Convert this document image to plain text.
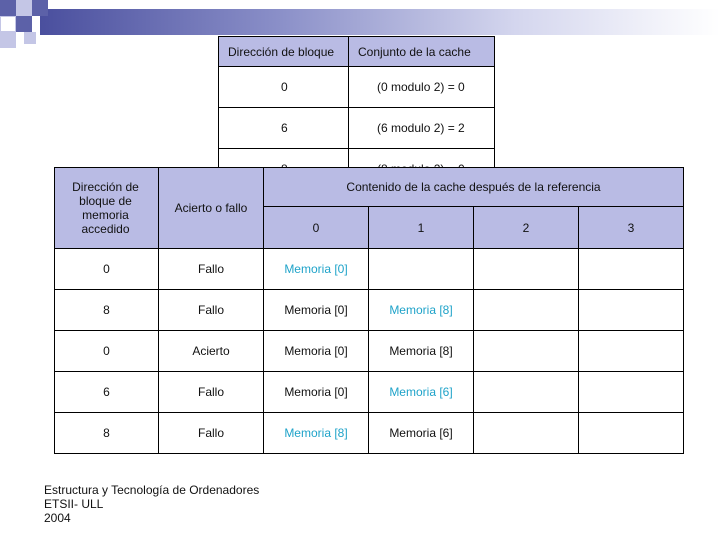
Dirección de bloque	Conjunto de la cache
0	(0 modulo 2) = 0
6	(6 modulo 2) = 2

Dirección de bloque de memoria accedido	Acierto o fallo	Contenido de la cache después de la referencia			

		0	1	2	3
0	Fallo	Memoria [0]			
8	Fallo	Memoria [0]	Memoria [8]		
0	Acierto	Memoria [0]	Memoria [8]		
6	Fallo	Memoria [0]	Memoria [6]		
8	Fallo	Memoria [8]	Memoria [6]		
Estructura y Tecnología de Ordenadores
ETSII- ULL
2004
